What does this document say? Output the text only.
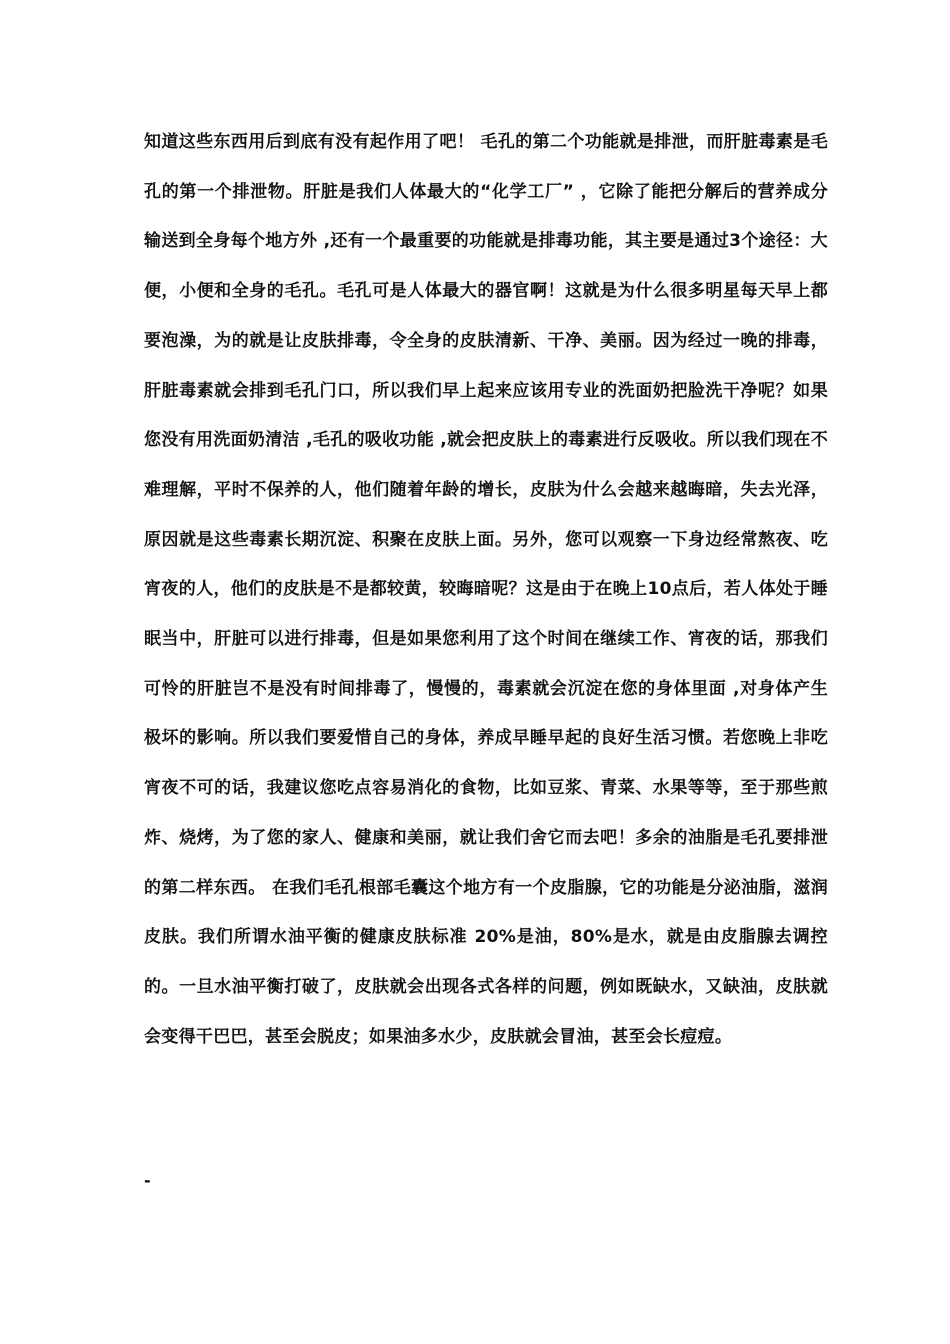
知道这些东西用后到底有没有起作用了吧！ 毛孔的第二个功能就是排泄，而肝脏毒素是毛孔的第一个排泄物。肝脏是我们人体最大的“化学工厂” ，它除了能把分解后的营养成分输送到全身每个地方外 ,还有一个最重要的功能就是排毒功能，其主要是通过3个途径：大便，小便和全身的毛孔。毛孔可是人体最大的器官啊！这就是为什么很多明星每天早上都要泡澡，为的就是让皮肤排毒，令全身的皮肤清新、干净、美丽。因为经过一晚的排毒，肝脏毒素就会排到毛孔门口，所以我们早上起来应该用专业的洗面奶把脸洗干净呢？如果您没有用洗面奶清洁 ,毛孔的吸收功能 ,就会把皮肤上的毒素进行反吸收。所以我们现在不难理解，平时不保养的人，他们随着年龄的增长，皮肤为什么会越来越晦暗，失去光泽，原因就是这些毒素长期沉淀、积聚在皮肤上面。另外，您可以观察一下身边经常熬夜、吃宵夜的人，他们的皮肤是不是都较黄，较晦暗呢？这是由于在晚上10点后，若人体处于睡眠当中，肝脏可以进行排毒，但是如果您利用了这个时间在继续工作、宵夜的话，那我们可怜的肝脏岂不是没有时间排毒了，慢慢的，毒素就会沉淀在您的身体里面 ,对身体产生极坏的影响。所以我们要爱惜自己的身体，养成早睡早起的良好生活习惯。若您晚上非吃宵夜不可的话，我建议您吃点容易消化的食物，比如豆浆、青菜、水果等等，至于那些煎炸、烧烤，为了您的家人、健康和美丽，就让我们舍它而去吧！多余的油脂是毛孔要排泄的第二样东西。 在我们毛孔根部毛囊这个地方有一个皮脂腺，它的功能是分泌油脂，滋润皮肤。我们所谓水油平衡的健康皮肤标准 20%是油，80%是水，就是由皮脂腺去调控的。一旦水油平衡打破了，皮肤就会出现各式各样的问题，例如既缺水，又缺油，皮肤就会变得干巴巴，甚至会脱皮；如果油多水少，皮肤就会冒油，甚至会长痘痘。

-
